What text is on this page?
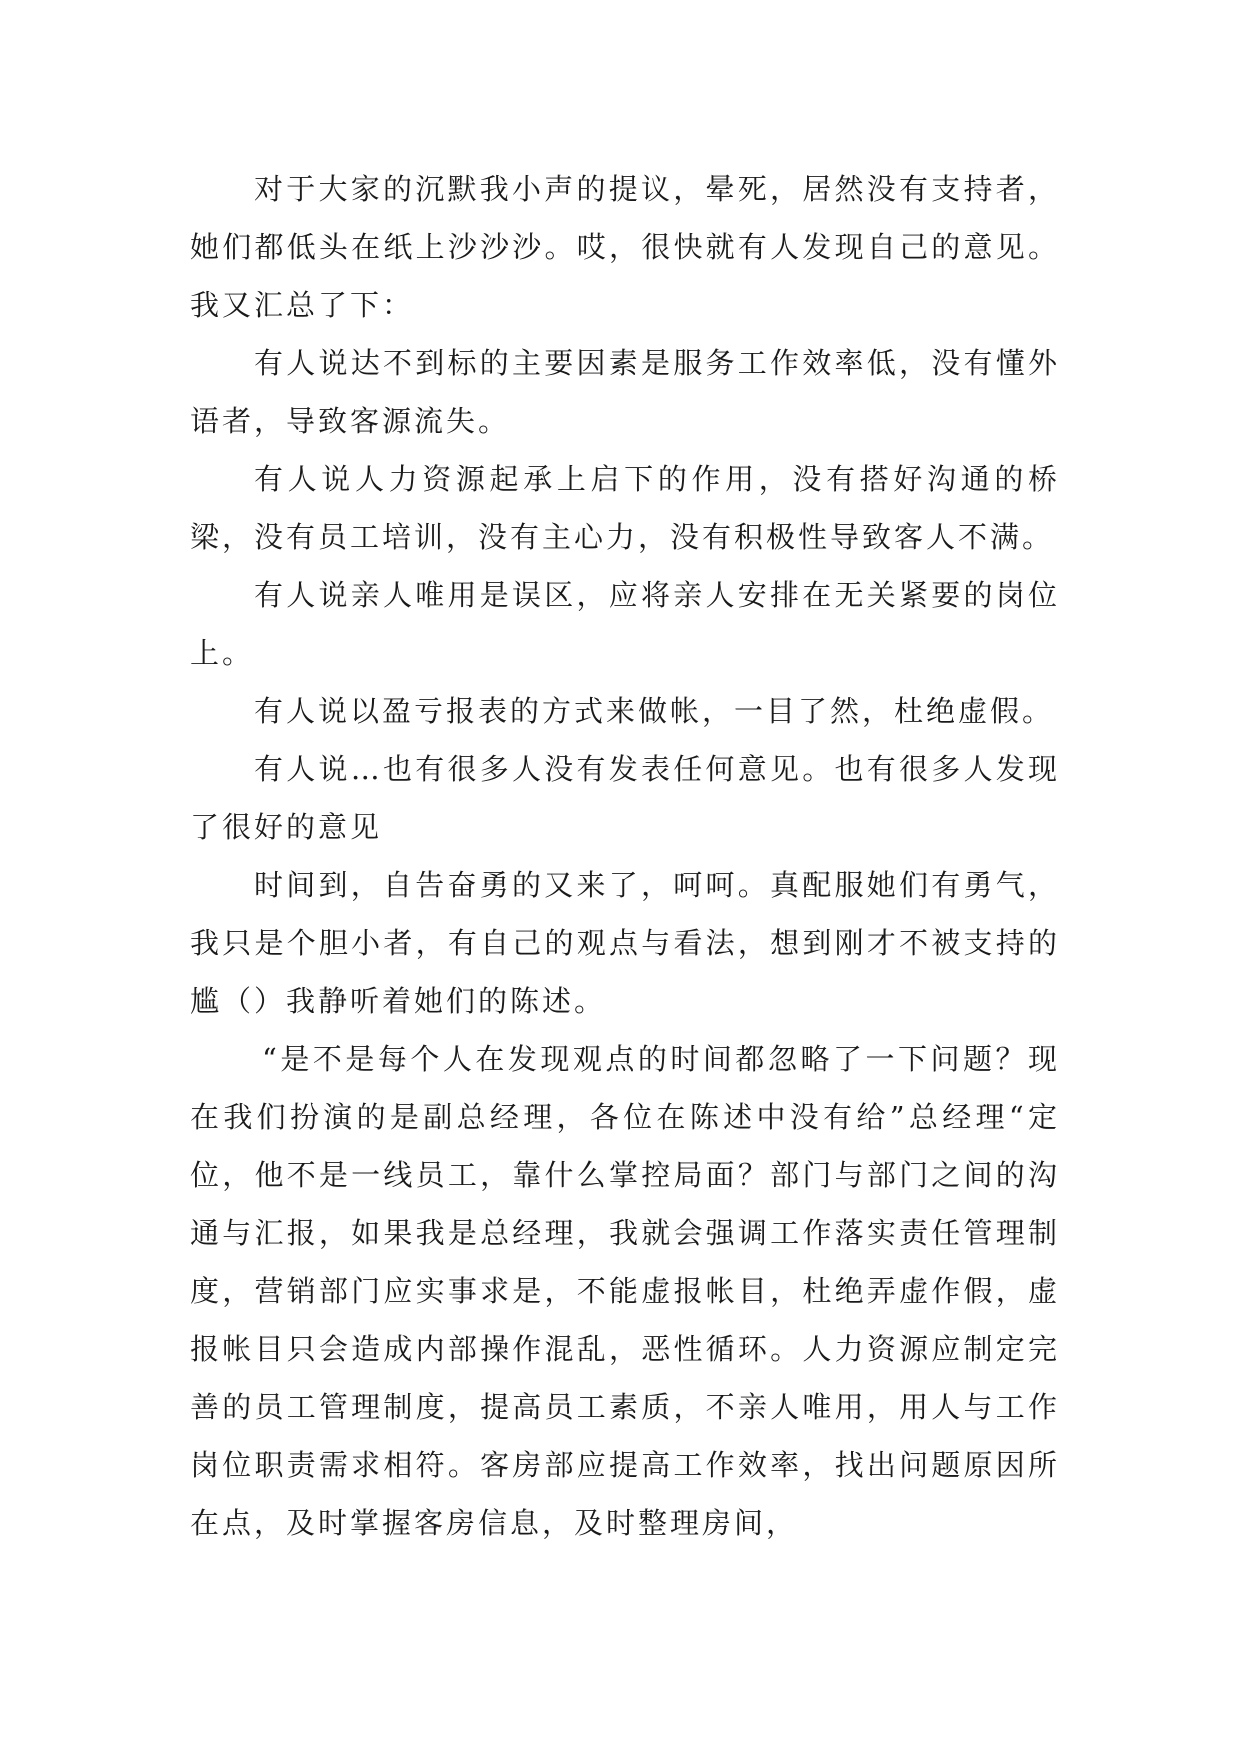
对于大家的沉默我小声的提议，晕死，居然没有支持者，她们都低头在纸上沙沙沙。哎，很快就有人发现自己的意见。我又汇总了下：

有人说达不到标的主要因素是服务工作效率低，没有懂外语者，导致客源流失。

有人说人力资源起承上启下的作用，没有搭好沟通的桥梁，没有员工培训，没有主心力，没有积极性导致客人不满。

有人说亲人唯用是误区，应将亲人安排在无关紧要的岗位上。

有人说以盈亏报表的方式来做帐，一目了然，杜绝虚假。

有人说…也有很多人没有发表任何意见。也有很多人发现了很好的意见

时间到，自告奋勇的又来了，呵呵。真配服她们有勇气，我只是个胆小者，有自己的观点与看法，想到刚才不被支持的尴（）我静听着她们的陈述。

“是不是每个人在发现观点的时间都忽略了一下问题？现在我们扮演的是副总经理，各位在陈述中没有给”总经理“定位，他不是一线员工，靠什么掌控局面？部门与部门之间的沟通与汇报，如果我是总经理，我就会强调工作落实责任管理制度，营销部门应实事求是，不能虚报帐目，杜绝弄虚作假，虚报帐目只会造成内部操作混乱，恶性循环。人力资源应制定完善的员工管理制度，提高员工素质，不亲人唯用，用人与工作岗位职责需求相符。客房部应提高工作效率，找出问题原因所在点，及时掌握客房信息，及时整理房间，
